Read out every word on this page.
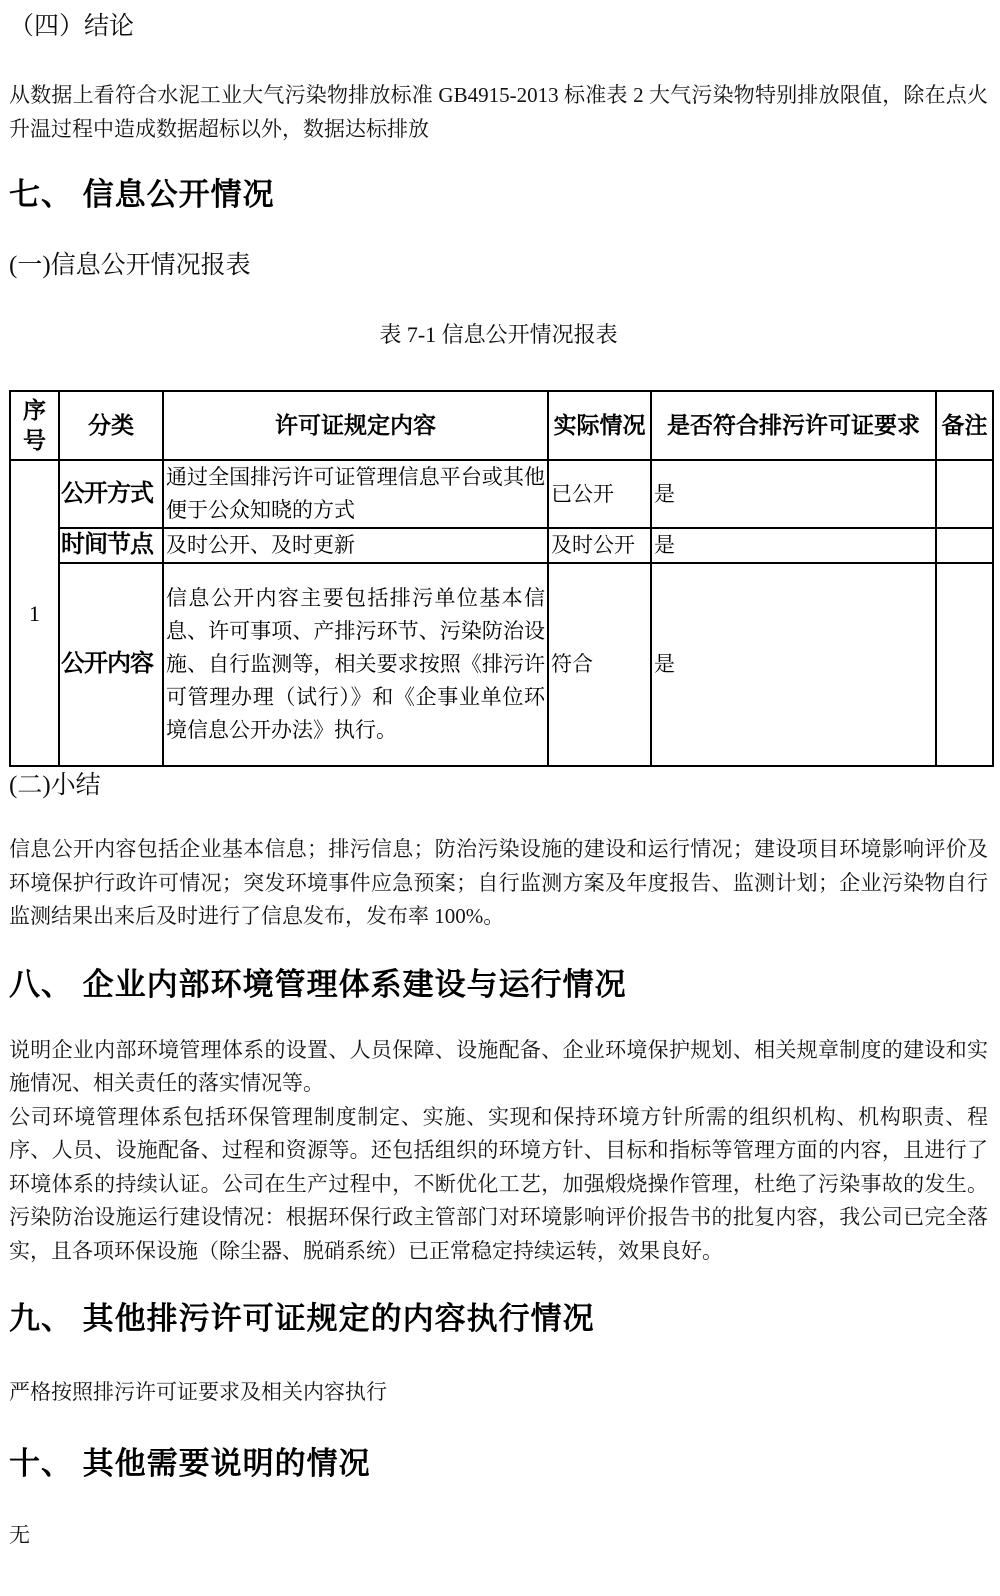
（四）结论

从数据上看符合水泥工业大气污染物排放标准 GB4915-2013 标准表 2 大气污染物特别排放限值，除在点火升温过程中造成数据超标以外，数据达标排放

七、 信息公开情况
(一)信息公开情况报表
表 7-1 信息公开情况报表
序号	分类	许可证规定内容	实际情况	是否符合排污许可证要求	备注
1	公开方式	通过全国排污许可证管理信息平台或其他便于公众知晓的方式	已公开	是	
	时间节点	及时公开、及时更新	及时公开	是	
	公开内容	信息公开内容主要包括排污单位基本信息、许可事项、产排污环节、污染防治设施、自行监测等，相关要求按照《排污许可管理办理（试行）》和《企事业单位环境信息公开办法》执行。	符合	是	
(二)小结

信息公开内容包括企业基本信息；排污信息；防治污染设施的建设和运行情况；建设项目环境影响评价及环境保护行政许可情况；突发环境事件应急预案；自行监测方案及年度报告、监测计划；企业污染物自行监测结果出来后及时进行了信息发布，发布率 100%。

八、 企业内部环境管理体系建设与运行情况

说明企业内部环境管理体系的设置、人员保障、设施配备、企业环境保护规划、相关规章制度的建设和实施情况、相关责任的落实情况等。

公司环境管理体系包括环保管理制度制定、实施、实现和保持环境方针所需的组织机构、机构职责、程序、人员、设施配备、过程和资源等。还包括组织的环境方针、目标和指标等管理方面的内容，且进行了环境体系的持续认证。公司在生产过程中，不断优化工艺，加强煅烧操作管理，杜绝了污染事故的发生。 污染防治设施运行建设情况：根据环保行政主管部门对环境影响评价报告书的批复内容，我公司已完全落实，且各项环保设施（除尘器、脱硝系统）已正常稳定持续运转，效果良好。

九、 其他排污许可证规定的内容执行情况

严格按照排污许可证要求及相关内容执行

十、 其他需要说明的情况

无
